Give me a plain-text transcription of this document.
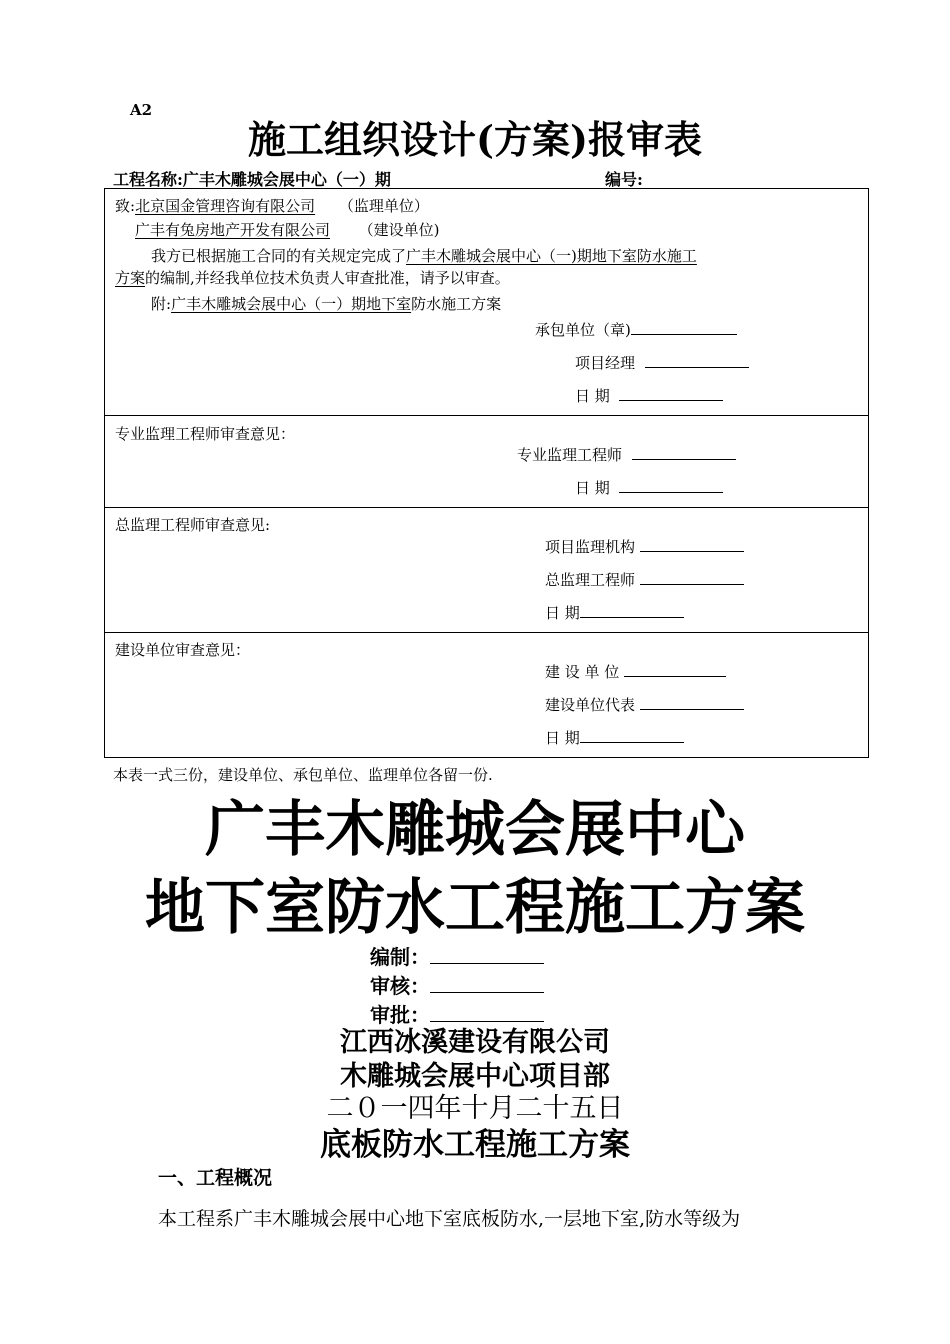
A2
施工组织设计(方案)报审表
工程名称:广丰木雕城会展中心（一）期	编号:
致:北京国金管理咨询有限公司 （监理单位）
广丰有兔房地产开发有限公司 （建设单位)
我方已根据施工合同的有关规定完成了广丰木雕城会展中心（一)期地下室防水施工
方案的编制,并经我单位技术负责人审查批准，请予以审查。
附:广丰木雕城会展中心（一）期地下室防水施工方案
承包单位（章)
项目经理
日 期

专业监理工程师审查意见：
专业监理工程师
日 期

总监理工程师审查意见:
项目监理机构
总监理工程师
日 期

建设单位审查意见：
建 设 单 位
建设单位代表
日 期
本表一式三份，建设单位、承包单位、监理单位各留一份.
广丰木雕城会展中心
地下室防水工程施工方案
编制：
审核：
审批：
江西冰溪建设有限公司
木雕城会展中心项目部
二０一四年十月二十五日
底板防水工程施工方案
一、工程概况
本工程系广丰木雕城会展中心地下室底板防水,一层地下室,防水等级为
